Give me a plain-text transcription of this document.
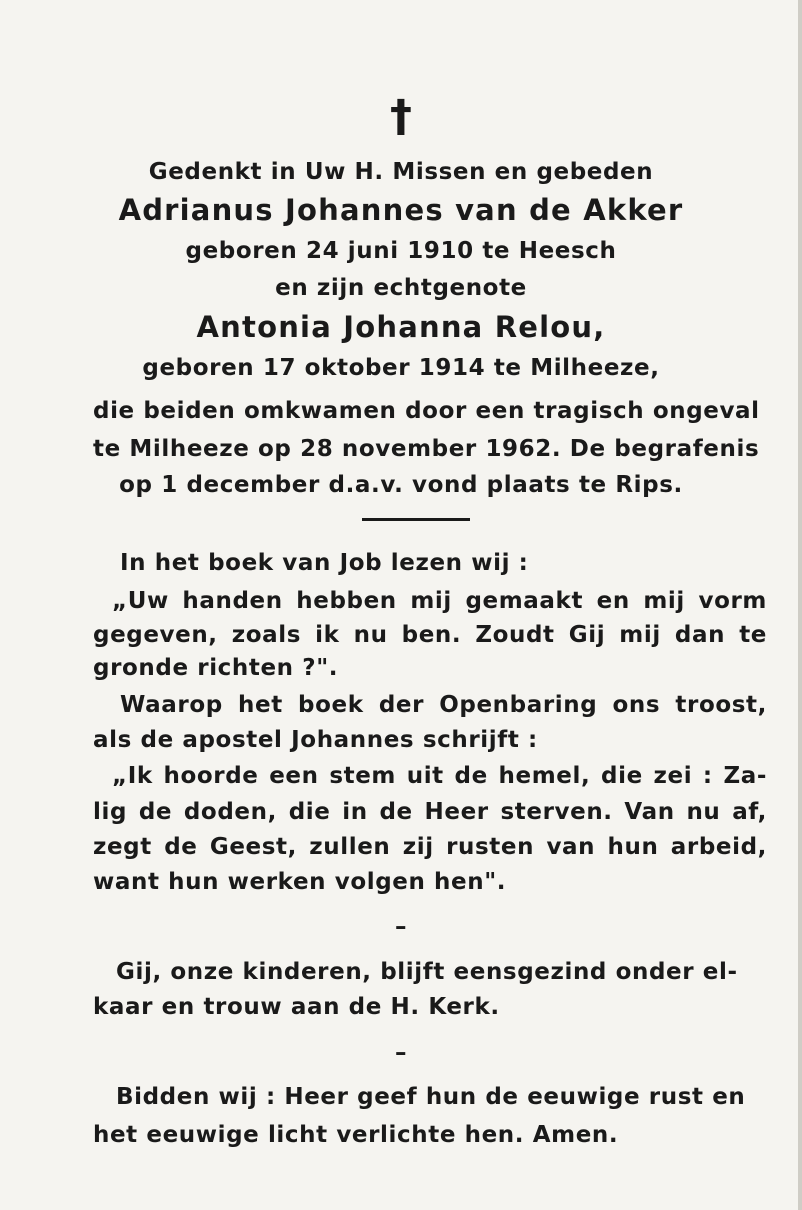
†
Gedenkt in Uw H. Missen en gebeden
Adrianus Johannes van de Akker
geboren 24 juni 1910 te Heesch
en zijn echtgenote
Antonia Johanna Relou,
geboren 17 oktober 1914 te Milheeze,
die beiden omkwamen door een tragisch ongeval
te Milheeze op 28 november 1962. De begrafenis
op 1 december d.a.v. vond plaats te Rips.
In het boek van Job lezen wij :
„Uw handen hebben mij gemaakt en mij vorm
gegeven, zoals ik nu ben. Zoudt Gij mij dan te
gronde richten ?".
Waarop het boek der Openbaring ons troost,
als de apostel Johannes schrijft :
„Ik hoorde een stem uit de hemel, die zei : Za-
lig de doden, die in de Heer sterven. Van nu af,
zegt de Geest, zullen zij rusten van hun arbeid,
want hun werken volgen hen".
–
Gij, onze kinderen, blijft eensgezind onder el-
kaar en trouw aan de H. Kerk.
–
Bidden wij : Heer geef hun de eeuwige rust en
het eeuwige licht verlichte hen. Amen.
